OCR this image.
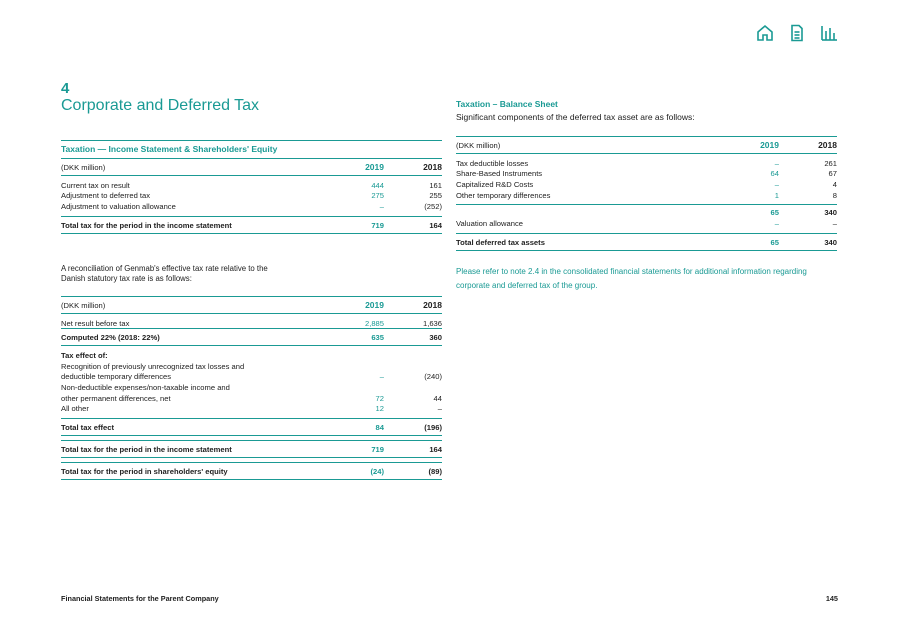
4
Corporate and Deferred Tax
Taxation — Income Statement & Shareholders' Equity
(DKK million)	2019	2018

Current tax on result	444	161
Adjustment to deferred tax	275	255
Adjustment to valuation allowance	–	(252)

Total tax for the period in the income statement	719	164
A reconciliation of Genmab's effective tax rate relative to the Danish statutory tax rate is as follows:
(DKK million)	2019	2018

Net result before tax	2,885	1,636
Computed 22% (2018: 22%)	635	360

Tax effect of:		
Recognition of previously unrecognized tax losses and		
deductible temporary differences	–	(240)
Non-deductible expenses/non-taxable income and		
other permanent differences, net	72	44
All other	12	–

Total tax effect	84	(196)

Total tax for the period in the income statement	719	164

Total tax for the period in shareholders' equity	(24)	(89)
Taxation – Balance Sheet
Significant components of the deferred tax asset are as follows:
(DKK million)	2019	2018

Tax deductible losses	–	261
Share-Based Instruments	64	67
Capitalized R&D Costs	–	4
Other temporary differences	1	8

	65	340
Valuation allowance	–	–

Total deferred tax assets	65	340
Please refer to note 2.4 in the consolidated financial statements for additional information regarding corporate and deferred tax of the group.
Financial Statements for the Parent Company	145
